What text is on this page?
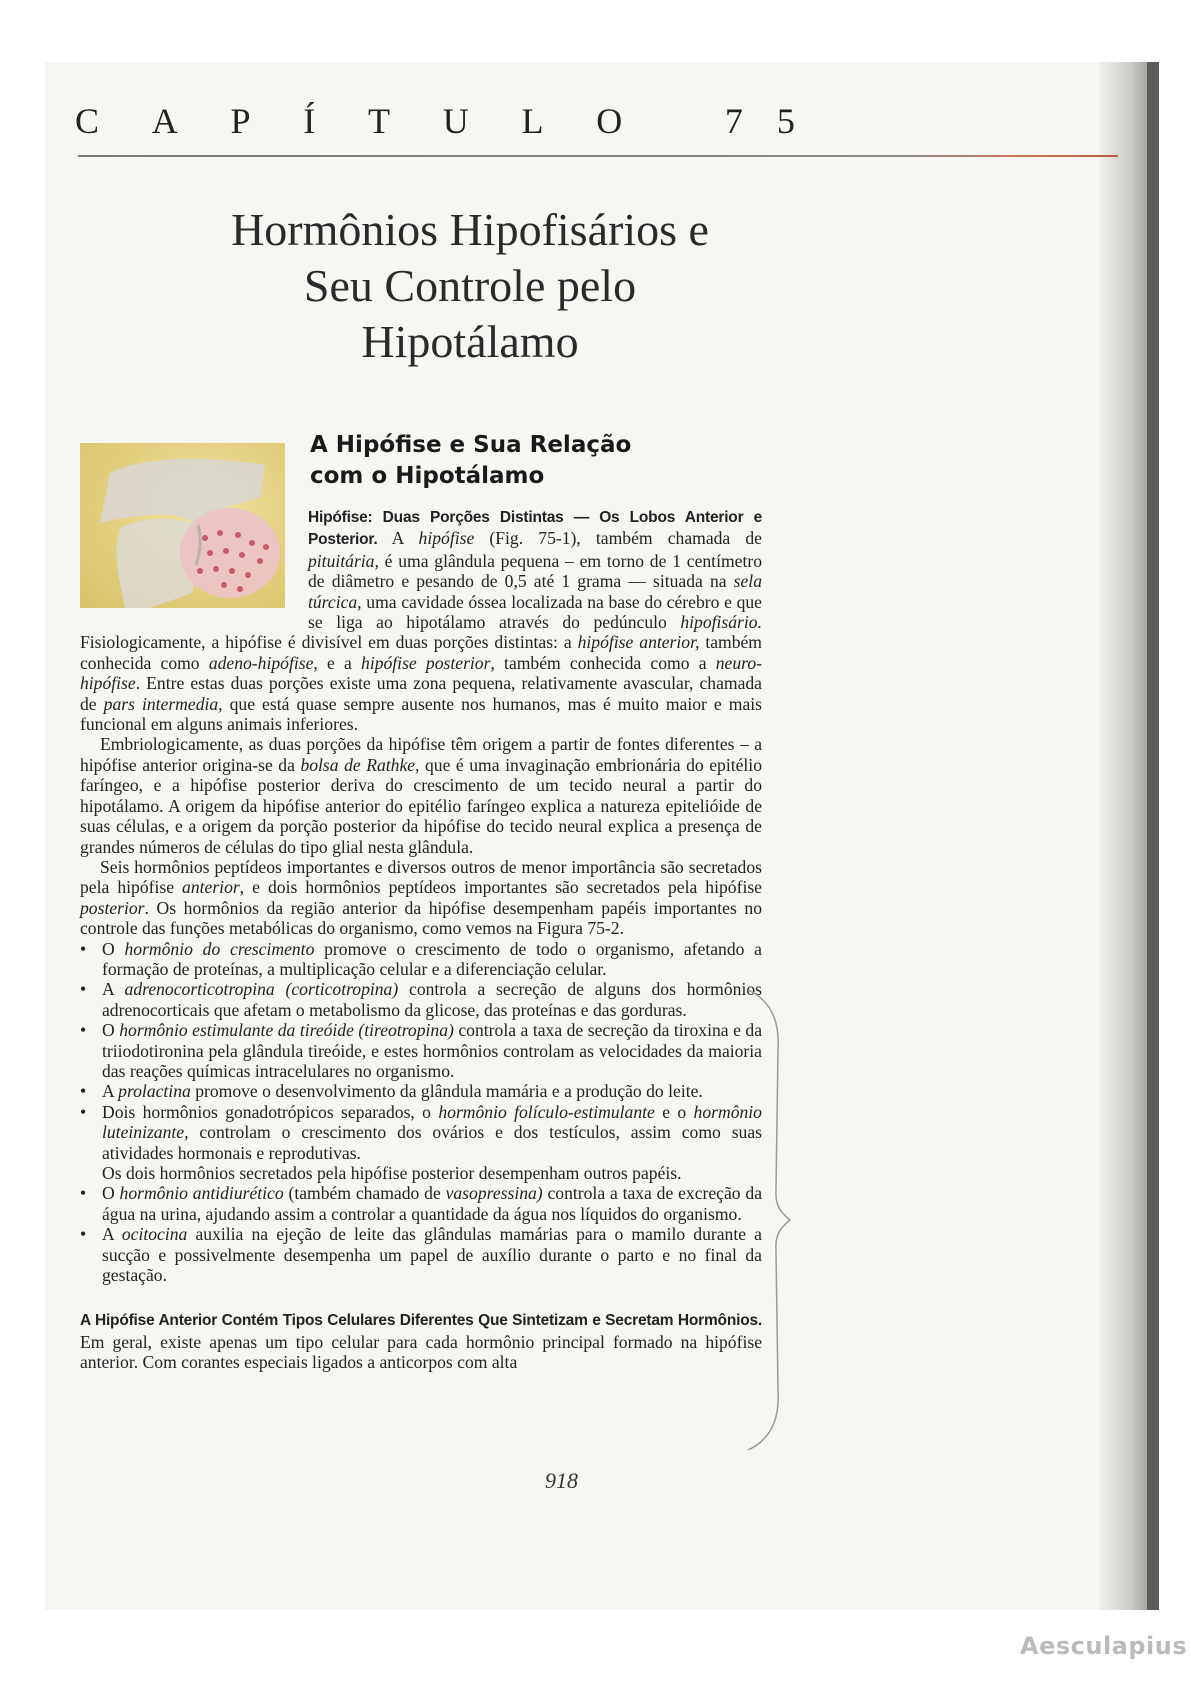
C A P Í T U L O	7 5
Hormônios Hipofisários e
Seu Controle pelo
Hipotálamo
A Hipófise e Sua Relação
com o Hipotálamo

Hipófise: Duas Porções Distintas — Os Lobos Anterior e Posterior. A hipófise (Fig. 75-1), também chamada de pituitária, é uma glândula pequena – em torno de 1 centímetro de diâmetro e pesando de 0,5 até 1 grama — situada na sela túrcica, uma cavidade óssea localizada na base do cérebro e que se liga ao hipotálamo através do pedúnculo hipofisário. Fisiologicamente, a hipófise é divisível em duas porções distintas: a hipófise anterior, também conhecida como adeno-hipófise, e a hipófise posterior, também conhecida como a neuro-hipófise. Entre estas duas porções existe uma zona pequena, relativamente avascular, chamada de pars intermedia, que está quase sempre ausente nos humanos, mas é muito maior e mais funcional em alguns animais inferiores.

Embriologicamente, as duas porções da hipófise têm origem a partir de fontes diferentes – a hipófise anterior origina-se da bolsa de Rathke, que é uma invaginação embrionária do epitélio faríngeo, e a hipófise posterior deriva do crescimento de um tecido neural a partir do hipotálamo. A origem da hipófise anterior do epitélio faríngeo explica a natureza epitelióide de suas células, e a origem da porção posterior da hipófise do tecido neural explica a presença de grandes números de células do tipo glial nesta glândula.

Seis hormônios peptídeos importantes e diversos outros de menor importância são secretados pela hipófise anterior, e dois hormônios peptídeos importantes são secretados pela hipófise posterior. Os hormônios da região anterior da hipófise desempenham papéis importantes no controle das funções metabólicas do organismo, como vemos na Figura 75-2.

• O hormônio do crescimento promove o crescimento de todo o organismo, afetando a formação de proteínas, a multiplicação celular e a diferenciação celular.
• A adrenocorticotropina (corticotropina) controla a secreção de alguns dos hormônios adrenocorticais que afetam o metabolismo da glicose, das proteínas e das gorduras.
• O hormônio estimulante da tireóide (tireotropina) controla a taxa de secreção da tiroxina e da triiodotironina pela glândula tireóide, e estes hormônios controlam as velocidades da maioria das reações químicas intracelulares no organismo.
• A prolactina promove o desenvolvimento da glândula mamária e a produção do leite.
• Dois hormônios gonadotrópicos separados, o hormônio folículo-estimulante e o hormônio luteinizante, controlam o crescimento dos ovários e dos testículos, assim como suas atividades hormonais e reprodutivas.

Os dois hormônios secretados pela hipófise posterior desempenham outros papéis.

• O hormônio antidiurético (também chamado de vasopressina) controla a taxa de excreção da água na urina, ajudando assim a controlar a quantidade da água nos líquidos do organismo.
• A ocitocina auxilia na ejeção de leite das glândulas mamárias para o mamilo durante a sucção e possivelmente desempenha um papel de auxílio durante o parto e no final da gestação.

A Hipófise Anterior Contém Tipos Celulares Diferentes Que Sintetizam e Secretam Hormônios. Em geral, existe apenas um tipo celular para cada hormônio principal formado na hipófise anterior. Com corantes especiais ligados a anticorpos com alta

918
Aesculapius
